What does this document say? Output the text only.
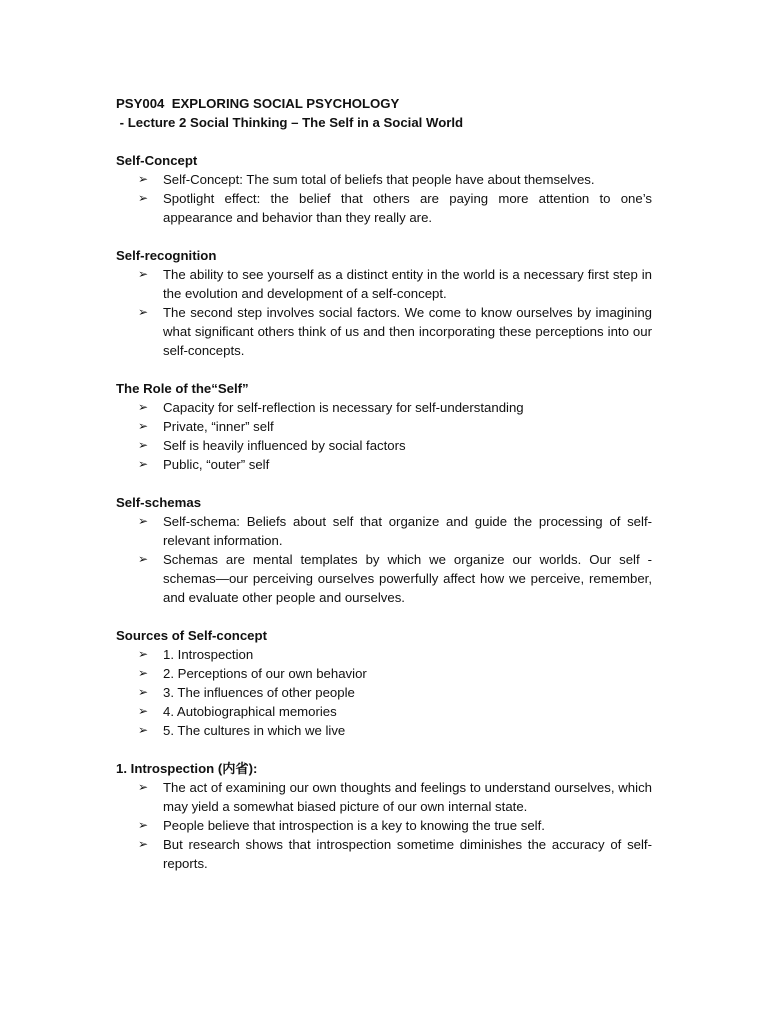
PSY004  EXPLORING SOCIAL PSYCHOLOGY
- Lecture 2 Social Thinking – The Self in a Social World
Self-Concept
➢ Self-Concept: The sum total of beliefs that people have about themselves.
➢ Spotlight effect: the belief that others are paying more attention to one’s appearance and behavior than they really are.
Self-recognition
➢ The ability to see yourself as a distinct entity in the world is a necessary first step in the evolution and development of a self-concept.
➢ The second step involves social factors. We come to know ourselves by imagining what significant others think of us and then incorporating these perceptions into our self-concepts.
The Role of the“Self”
➢ Capacity for self-reflection is necessary for self-understanding
➢ Private, “inner” self
➢ Self is heavily influenced by social factors
➢ Public, “outer” self
Self-schemas
➢ Self-schema: Beliefs about self that organize and guide the processing of self-relevant information.
➢ Schemas are mental templates by which we organize our worlds. Our self - schemas—our perceiving ourselves powerfully affect how we perceive, remember, and evaluate other people and ourselves.
Sources of Self-concept
➢ 1. Introspection
➢ 2. Perceptions of our own behavior
➢ 3. The influences of other people
➢ 4. Autobiographical memories
➢ 5. The cultures in which we live
1. Introspection (内省):
➢ The act of examining our own thoughts and feelings to understand ourselves, which may yield a somewhat biased picture of our own internal state.
➢ People believe that introspection is a key to knowing the true self.
➢ But research shows that introspection sometime diminishes the accuracy of self-reports.
